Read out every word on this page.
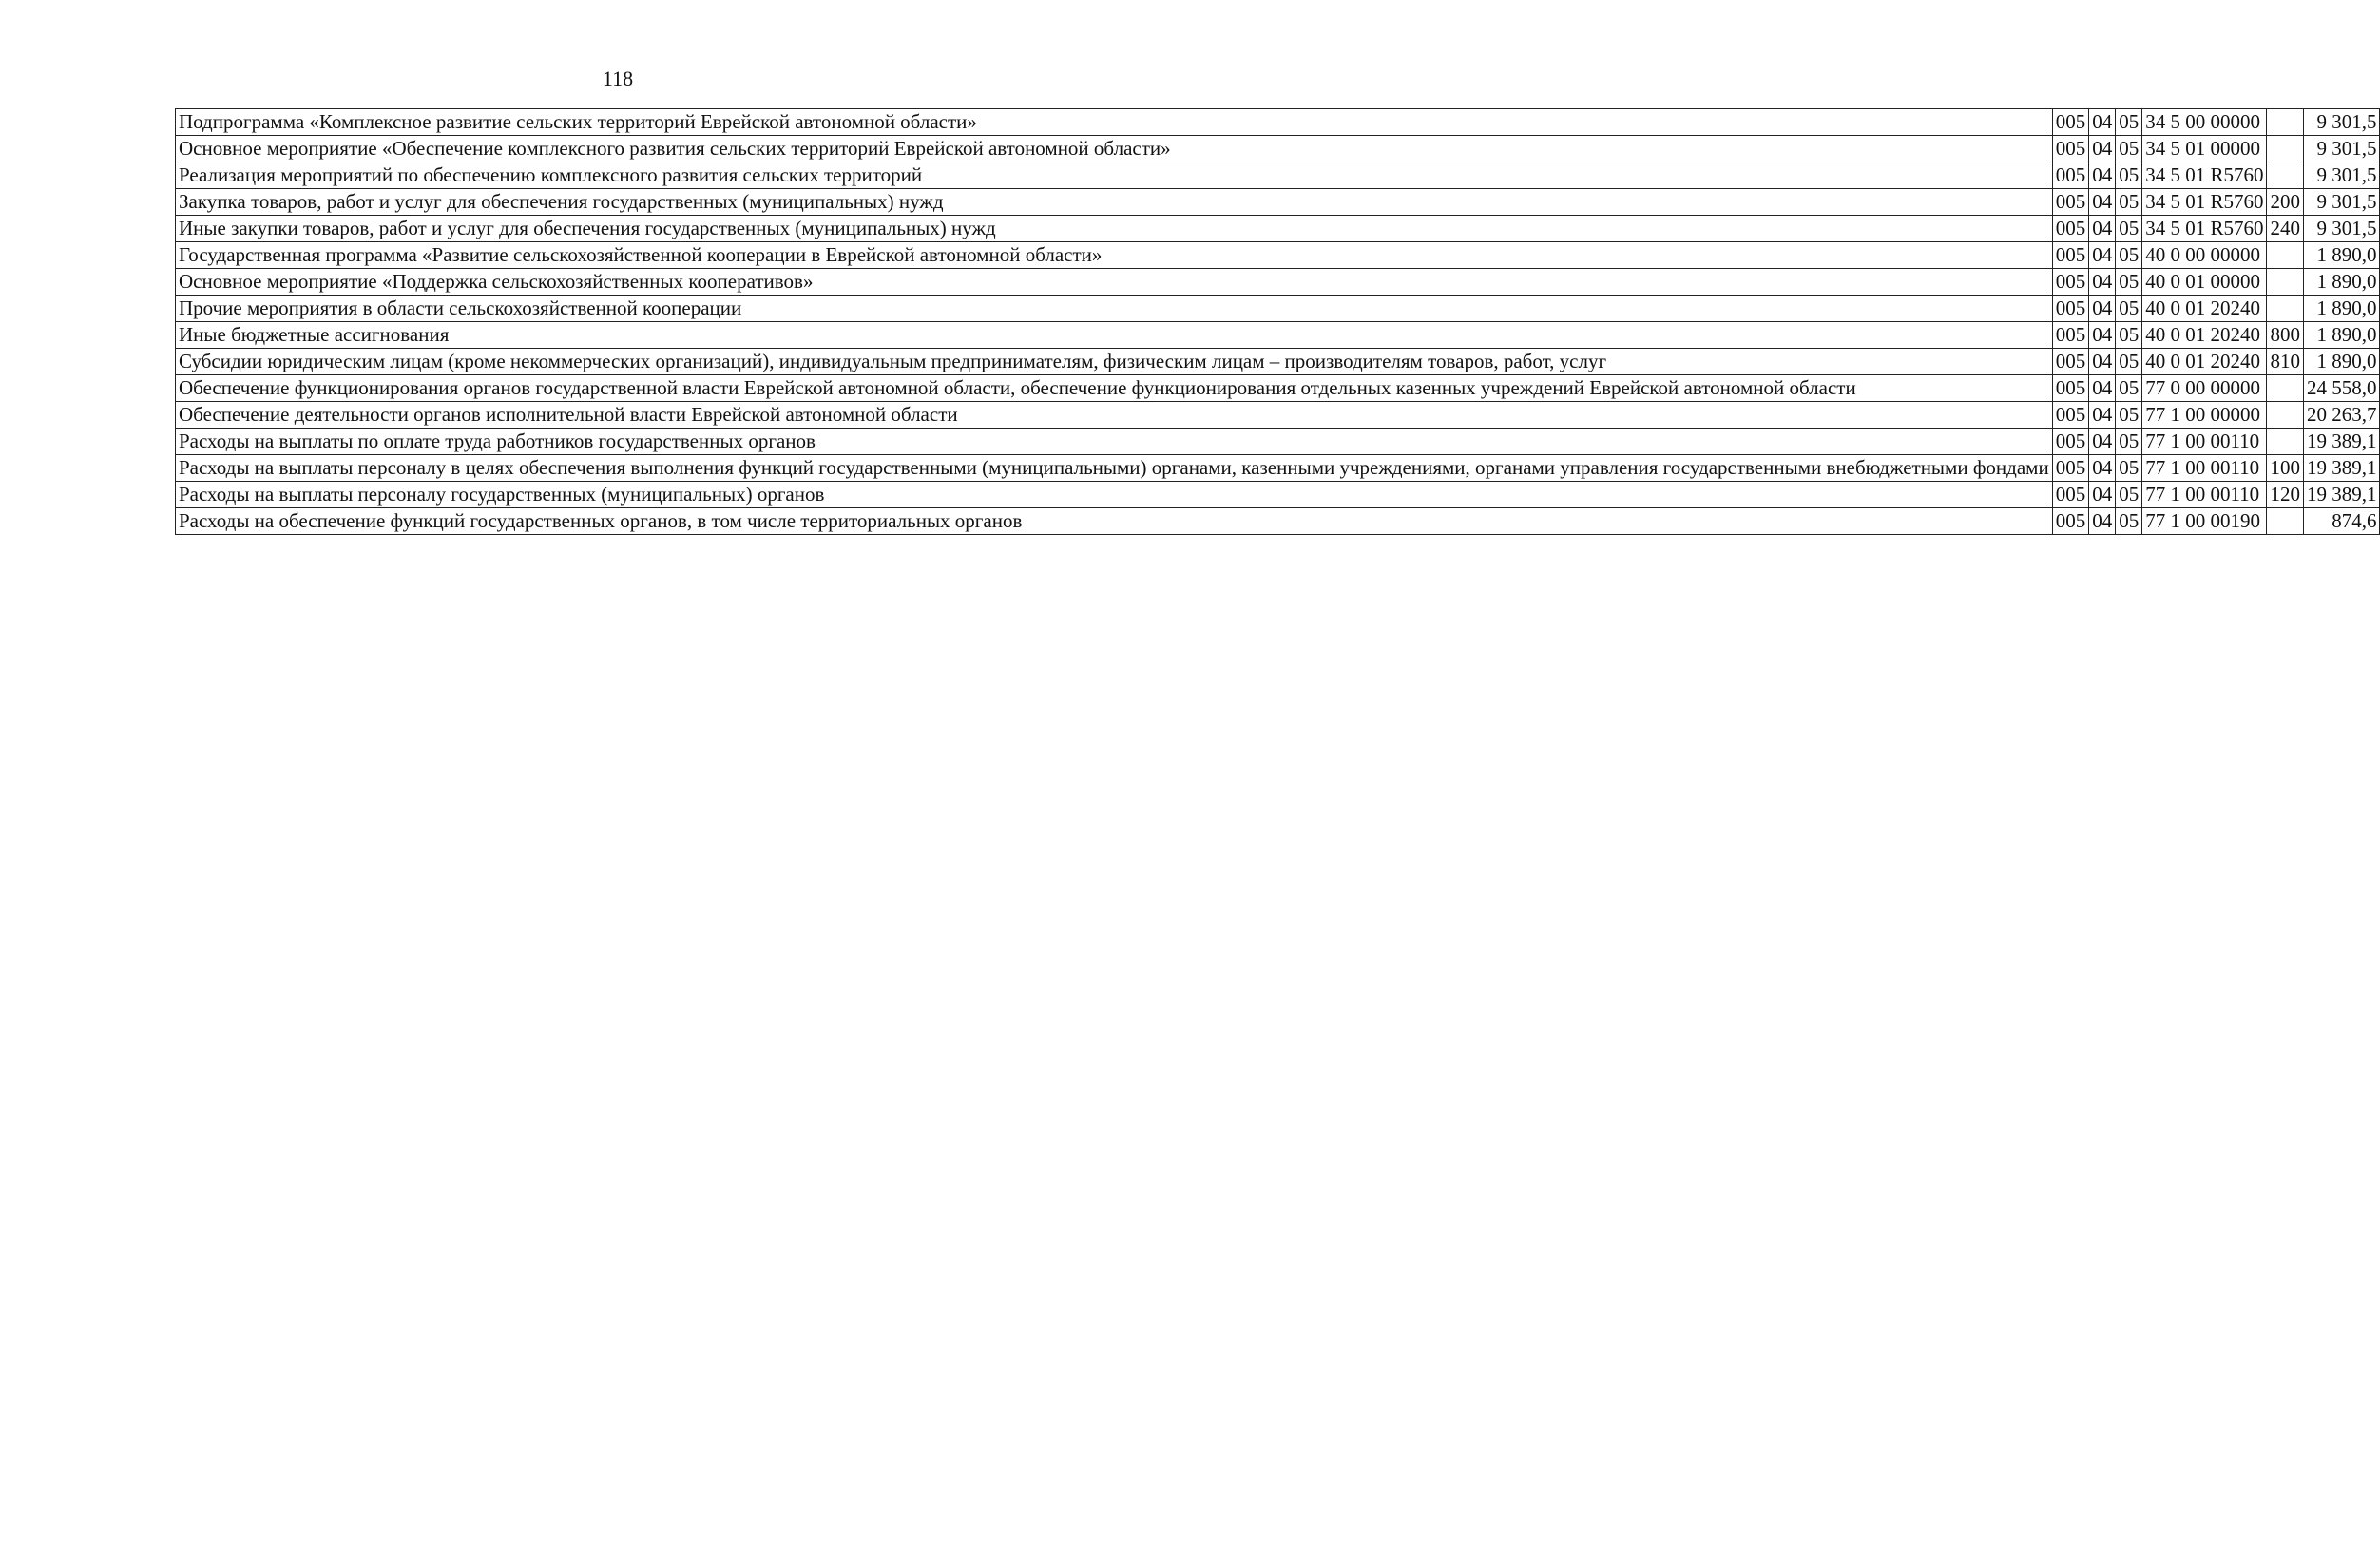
118
Подпрограмма «Комплексное развитие сельских территорий Еврейской автономной области»	005	04	05	34 5 00 00000		9 301,5
Основное мероприятие «Обеспечение комплексного развития сельских территорий Еврейской автономной области»	005	04	05	34 5 01 00000		9 301,5
Реализация мероприятий по обеспечению комплексного развития сельских территорий	005	04	05	34 5 01 R5760		9 301,5
Закупка товаров, работ и услуг для обеспечения государственных (муниципальных) нужд	005	04	05	34 5 01 R5760	200	9 301,5
Иные закупки товаров, работ и услуг для обеспечения государственных (муниципальных) нужд	005	04	05	34 5 01 R5760	240	9 301,5
Государственная программа «Развитие сельскохозяйственной кооперации в Еврейской автономной области»	005	04	05	40 0 00 00000		1 890,0
Основное мероприятие «Поддержка сельскохозяйственных кооперативов»	005	04	05	40 0 01 00000		1 890,0
Прочие мероприятия в области сельскохозяйственной кооперации	005	04	05	40 0 01 20240		1 890,0
Иные бюджетные ассигнования	005	04	05	40 0 01 20240	800	1 890,0
Субсидии юридическим лицам (кроме некоммерческих организаций), индивидуальным предпринимателям, физическим лицам – производителям товаров, работ, услуг	005	04	05	40 0 01 20240	810	1 890,0
Обеспечение функционирования органов государственной власти Еврейской автономной области, обеспечение функционирования отдельных казенных учреждений Еврейской автономной области	005	04	05	77 0 00 00000		24 558,0
Обеспечение деятельности органов исполнительной власти Еврейской автономной области	005	04	05	77 1 00 00000		20 263,7
Расходы на выплаты по оплате труда работников государственных органов	005	04	05	77 1 00 00110		19 389,1
Расходы на выплаты персоналу в целях обеспечения выполнения функций государственными (муниципальными) органами, казенными учреждениями, органами управления государственными внебюджетными фондами	005	04	05	77 1 00 00110	100	19 389,1
Расходы на выплаты персоналу государственных (муниципальных) органов	005	04	05	77 1 00 00110	120	19 389,1
Расходы на обеспечение функций государственных органов, в том числе территориальных органов	005	04	05	77 1 00 00190		874,6
